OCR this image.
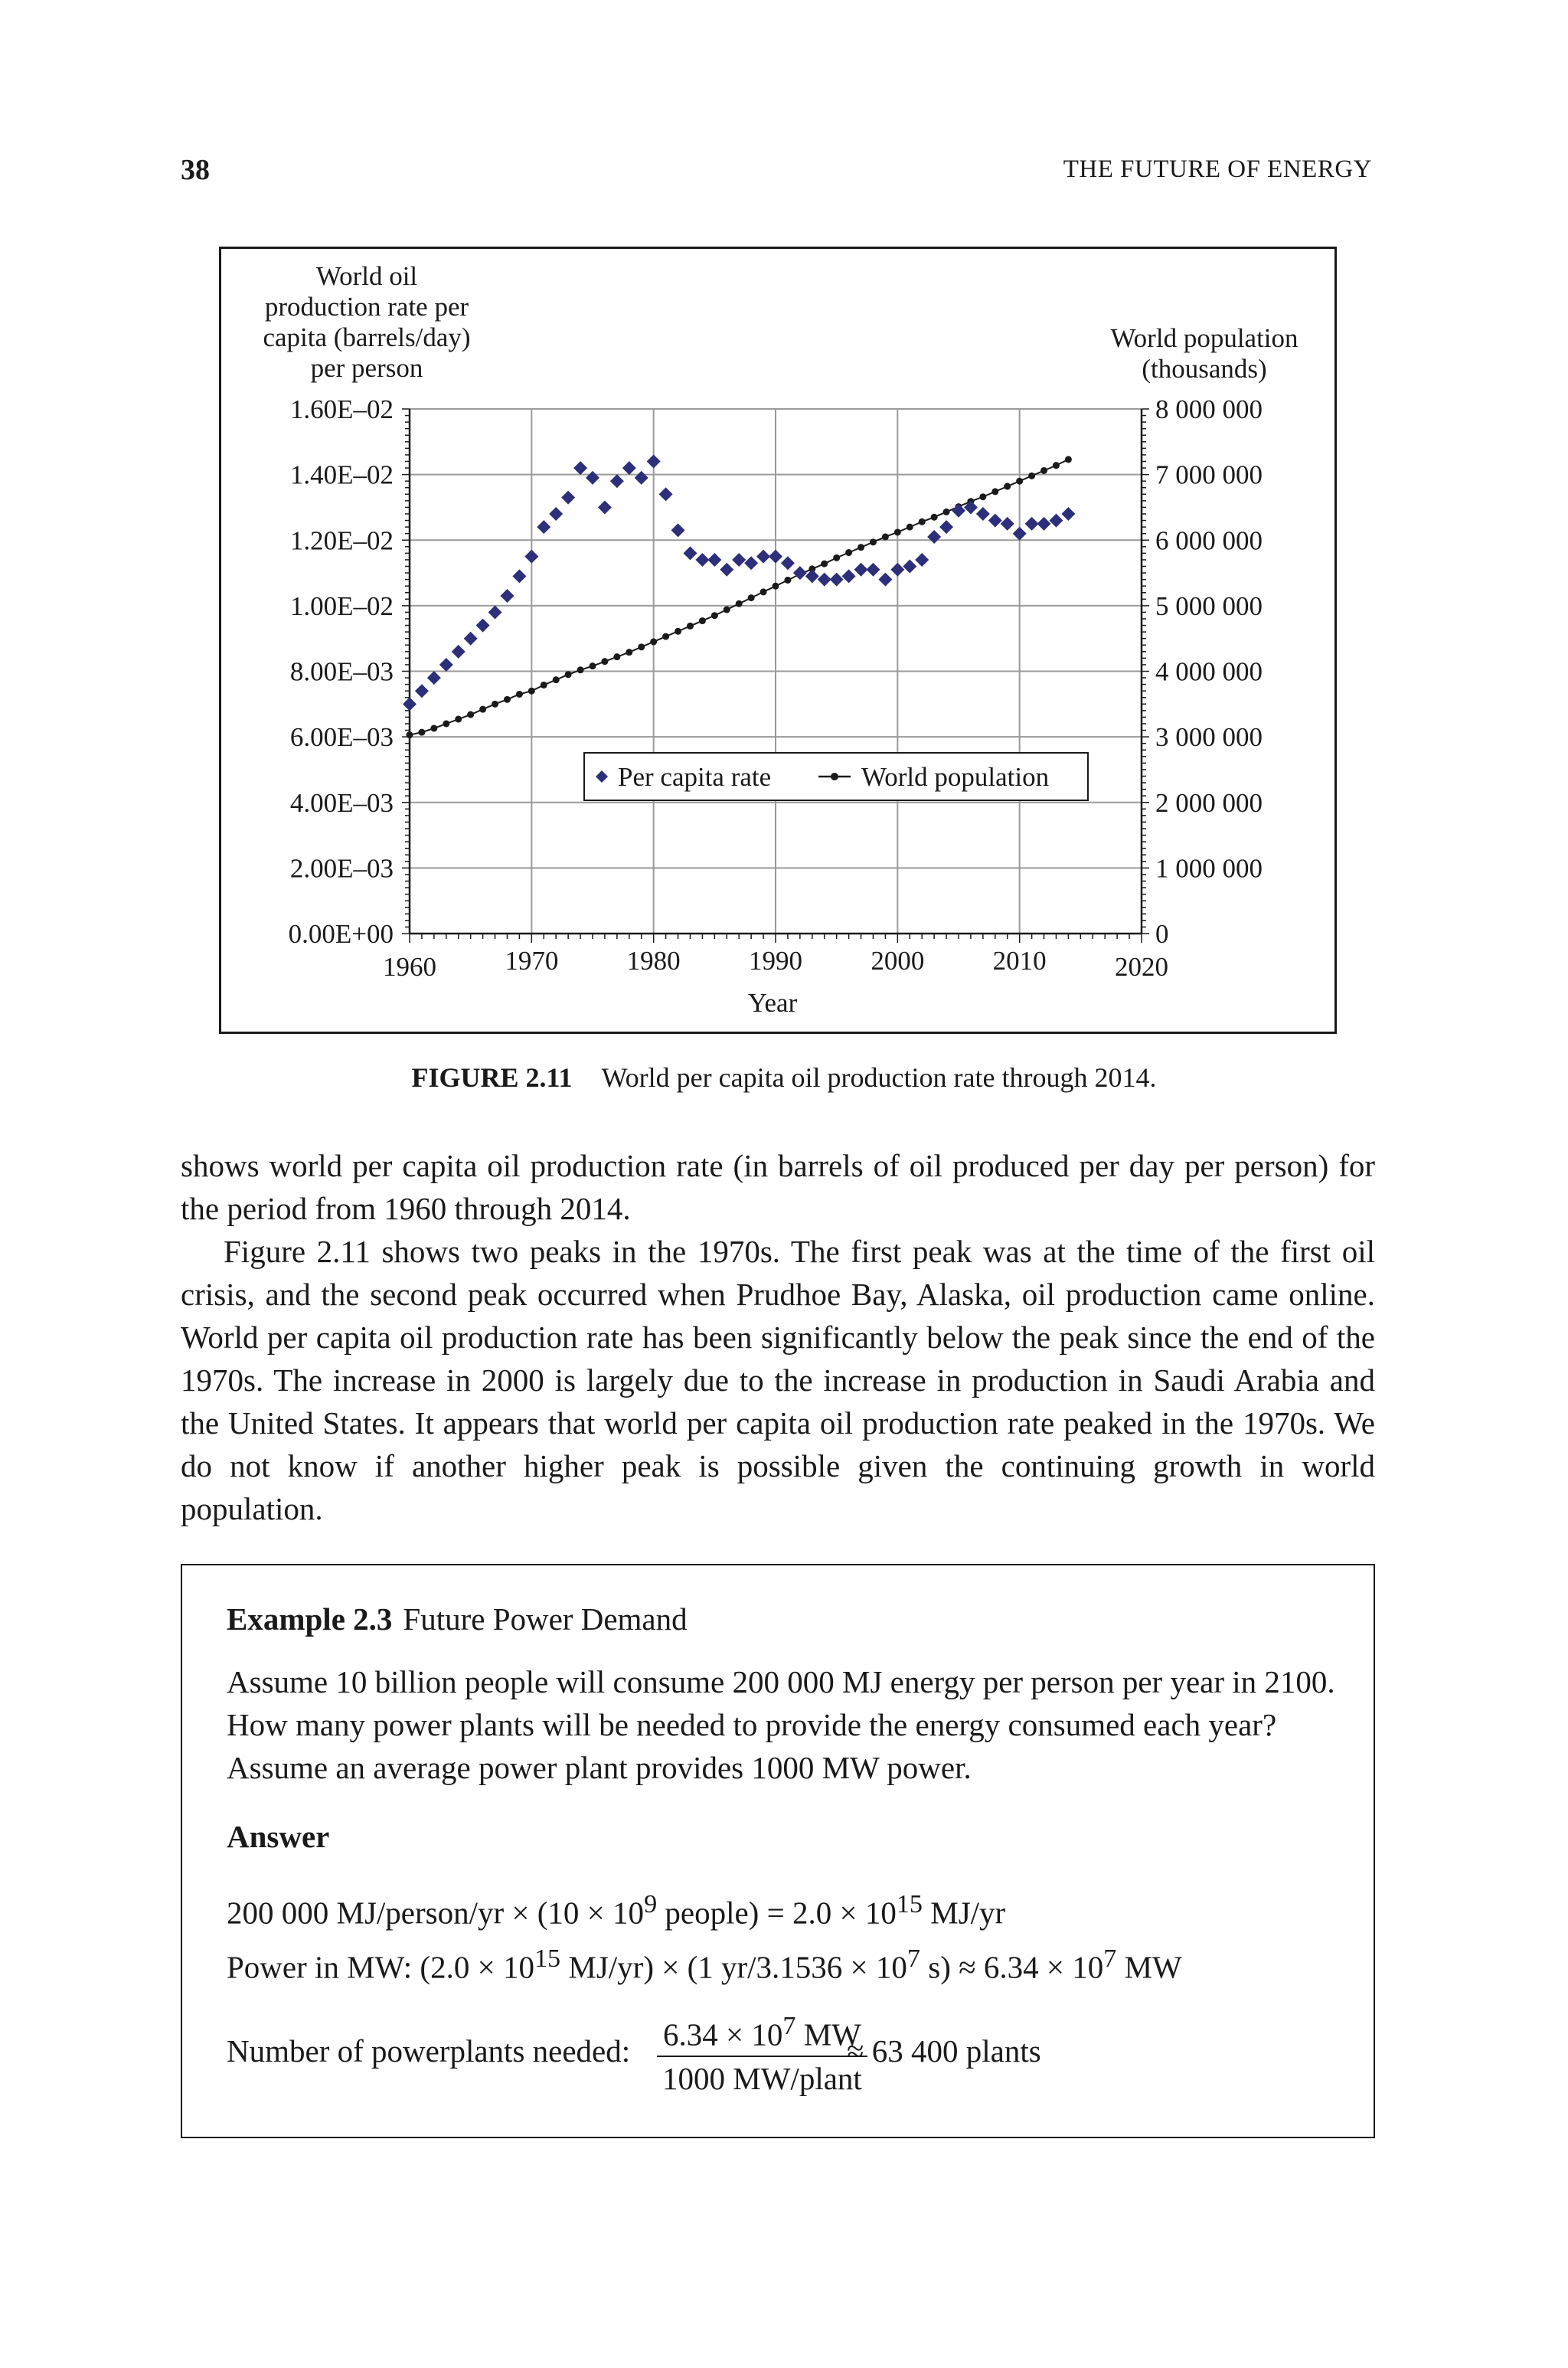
38	THE FUTURE OF ENERGY
0.00E+00
2.00E–03
4.00E–03
6.00E–03
8.00E–03
1.00E–02
1.20E–02
1.40E–02
1.60E–02
0
1 000 000
2 000 000
3 000 000
4 000 000
5 000 000
6 000 000
7 000 000
8 000 000
1960	1970	1980	1990	2000	2010	2020
World oil
production rate per
capita (barrels/day)
per person
World population
(thousands)
Year
Per capita rate	World population
FIGURE 2.11 World per capita oil production rate through 2014.

shows world per capita oil production rate (in barrels of oil produced per day per person) for the period from 1960 through 2014.

Figure 2.11 shows two peaks in the 1970s. The first peak was at the time of the first oil crisis, and the second peak occurred when Prudhoe Bay, Alaska, oil production came online. World per capita oil production rate has been significantly below the peak since the end of the 1970s. The increase in 2000 is largely due to the increase in production in Saudi Arabia and the United States. It appears that world per capita oil production rate peaked in the 1970s. We do not know if another higher peak is possible given the continuing growth in world population.

Example 2.3 Future Power Demand
Assume 10 billion people will consume 200 000 MJ energy per person per year in 2100. How many power plants will be needed to provide the energy consumed each year? Assume an average power plant provides 1000 MW power.
Answer
200 000 MJ/person/yr × ($10 \times 10^9$ people) = $2.0 \times 10^{15}$ MJ/yr
Power in MW: ($2.0 \times 10^{15}$ MJ/yr) × (1 $yr/3.1536 \times 10^7$ $s) \approx 6.34 \times 10^7$ MW
Number of powerplants needed: $6.34 \times 10^7$ MW
1000 MW/plant
≈ 63 400 plants
